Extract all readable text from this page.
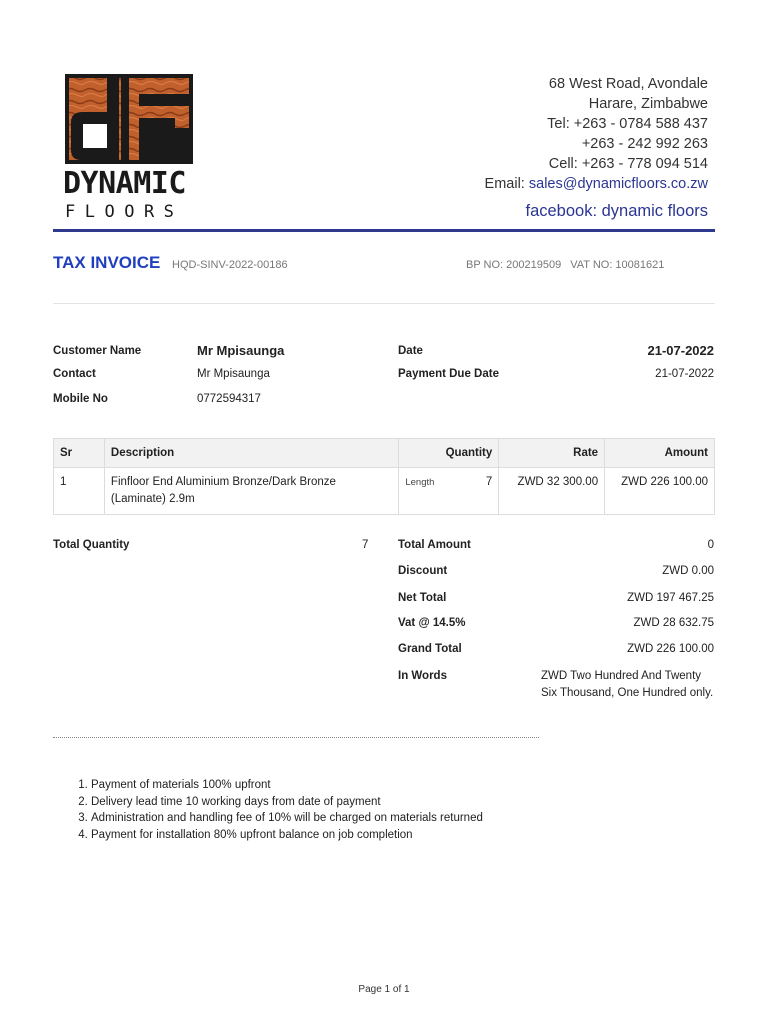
DYNAMIC
FLOORS
68 West Road, Avondale
Harare, Zimbabwe
Tel: +263 - 0784 588 437
+263 - 242 992 263
Cell: +263 - 778 094 514
Email: sales@dynamicfloors.co.zw
facebook: dynamic floors
TAX INVOICE HQD-SINV-2022-00186	BP NO: 200219509 VAT NO: 10081621
Customer Name	Mr Mpisaunga
Contact	Mr Mpisaunga
Mobile No	0772594317
Date	21-07-2022
Payment Due Date	21-07-2022
Sr	Description	Quantity	Rate	Amount
1	Finfloor End Aluminium Bronze/Dark Bronze (Laminate) 2.9m	Length 7	ZWD 32 300.00	ZWD 226 100.00
Total Quantity	7	Total Amount	0
Discount	ZWD 0.00
Net Total	ZWD 197 467.25
Vat @ 14.5%	ZWD 28 632.75
Grand Total	ZWD 226 100.00
In Words	ZWD Two Hundred And Twenty Six Thousand, One Hundred only.
1. Payment of materials 100% upfront
2. Delivery lead time 10 working days from date of payment
3. Administration and handling fee of 10% will be charged on materials returned
4. Payment for installation 80% upfront balance on job completion
Page 1 of 1
